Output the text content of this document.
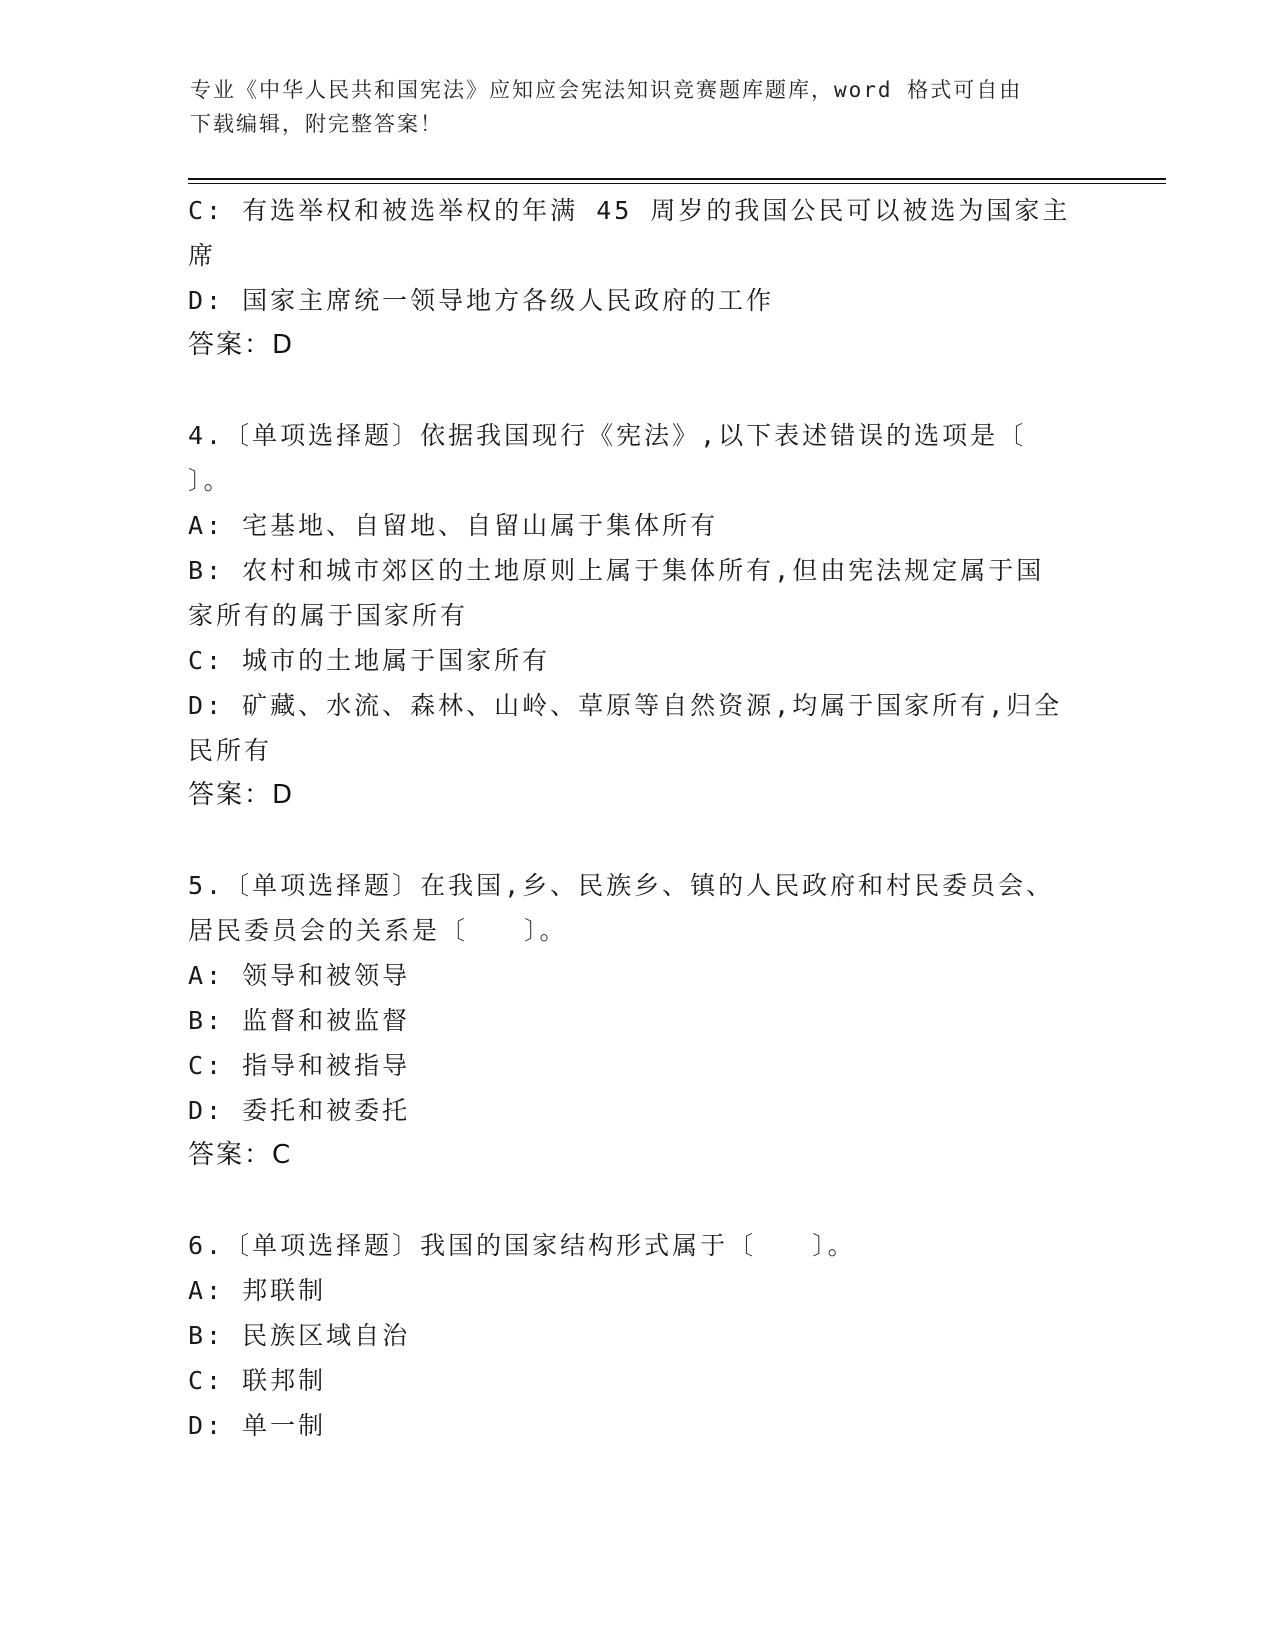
专业《中华人民共和国宪法》应知应会宪法知识竞赛题库题库，word 格式可自由
下载编辑，附完整答案！
C: 有选举权和被选举权的年满 45 周岁的我国公民可以被选为国家主
席
D: 国家主席统一领导地方各级人民政府的工作
答案：D
4.〔单项选择题〕依据我国现行《宪法》,以下表述错误的选项是〔
〕。
A: 宅基地、自留地、自留山属于集体所有
B: 农村和城市郊区的土地原则上属于集体所有,但由宪法规定属于国
家所有的属于国家所有
C: 城市的土地属于国家所有
D: 矿藏、水流、森林、山岭、草原等自然资源,均属于国家所有,归全
民所有
答案：D
5.〔单项选择题〕在我国,乡、民族乡、镇的人民政府和村民委员会、
居民委员会的关系是〔　　〕。
A: 领导和被领导
B: 监督和被监督
C: 指导和被指导
D: 委托和被委托
答案：C
6.〔单项选择题〕我国的国家结构形式属于〔　　〕。
A: 邦联制
B: 民族区域自治
C: 联邦制
D: 单一制
